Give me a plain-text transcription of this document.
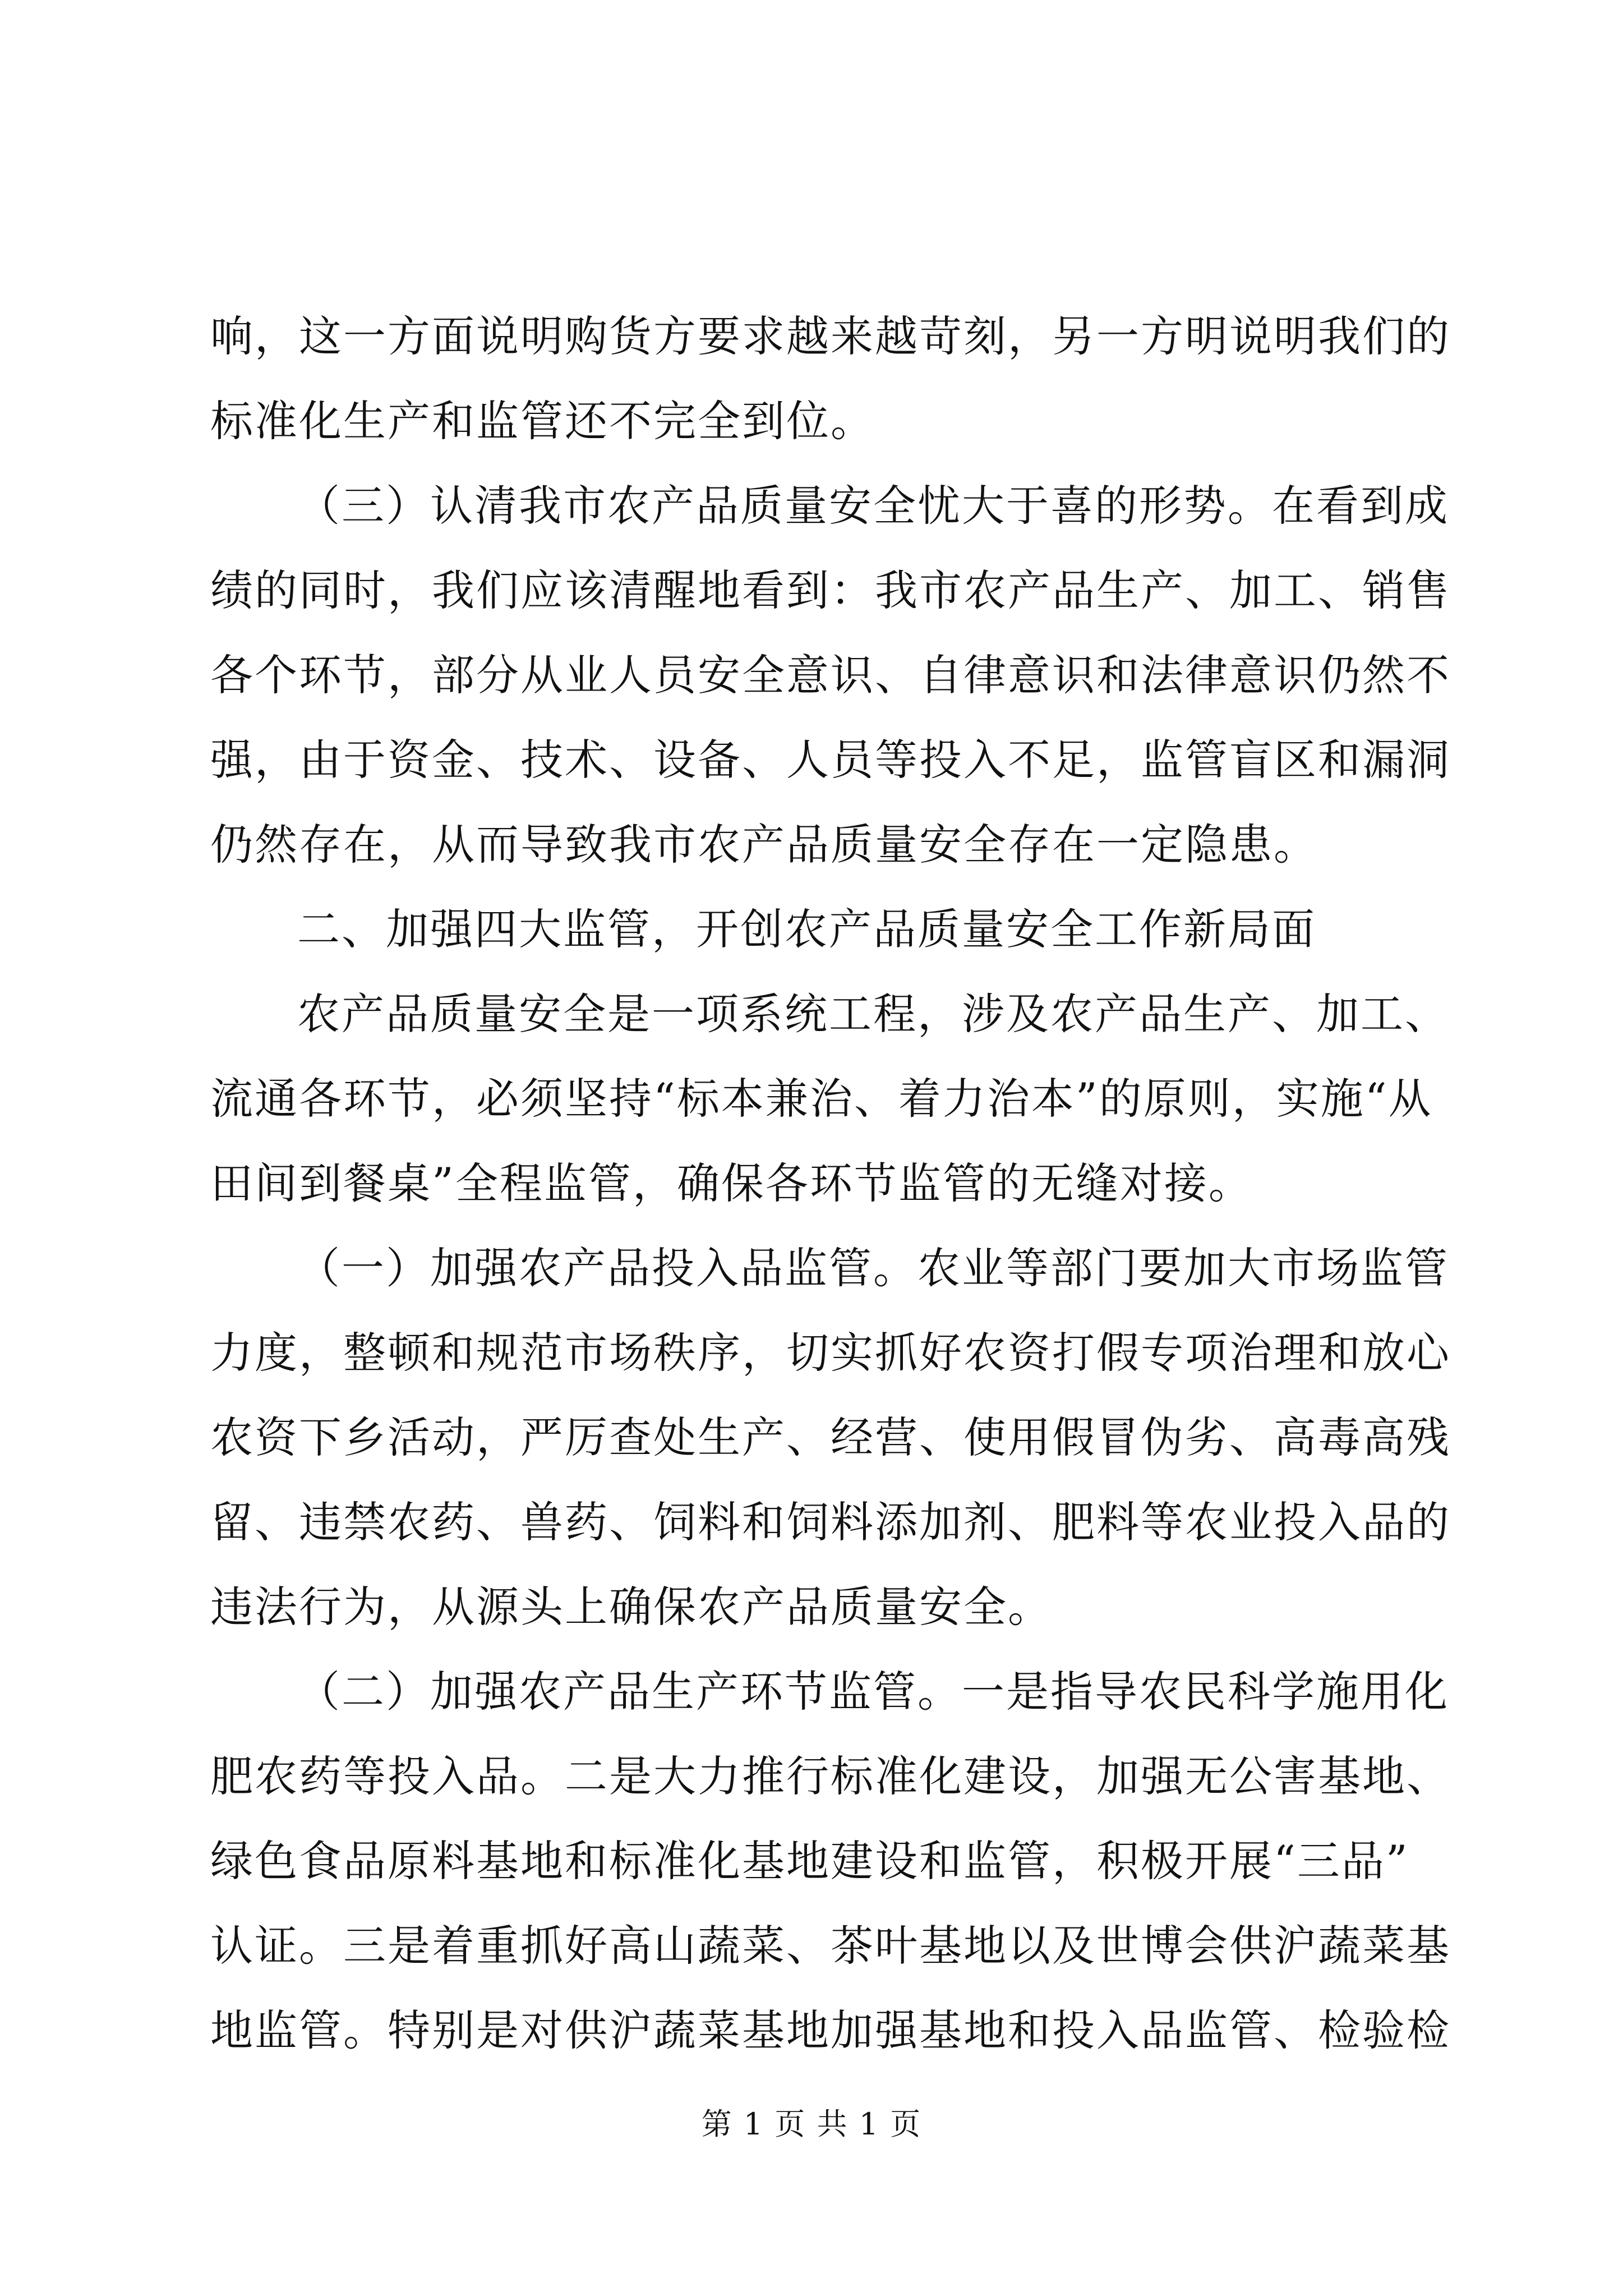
响，这一方面说明购货方要求越来越苛刻，另一方明说明我们的
标准化生产和监管还不完全到位。
（三）认清我市农产品质量安全忧大于喜的形势。在看到成
绩的同时，我们应该清醒地看到：我市农产品生产、加工、销售
各个环节，部分从业人员安全意识、自律意识和法律意识仍然不
强，由于资金、技术、设备、人员等投入不足，监管盲区和漏洞
仍然存在，从而导致我市农产品质量安全存在一定隐患。
二、加强四大监管，开创农产品质量安全工作新局面
农产品质量安全是一项系统工程，涉及农产品生产、加工、
流通各环节，必须坚持“标本兼治、着力治本”的原则，实施“从
田间到餐桌”全程监管，确保各环节监管的无缝对接。
（一）加强农产品投入品监管。农业等部门要加大市场监管
力度，整顿和规范市场秩序，切实抓好农资打假专项治理和放心
农资下乡活动，严厉查处生产、经营、使用假冒伪劣、高毒高残
留、违禁农药、兽药、饲料和饲料添加剂、肥料等农业投入品的
违法行为，从源头上确保农产品质量安全。
（二）加强农产品生产环节监管。一是指导农民科学施用化
肥农药等投入品。二是大力推行标准化建设，加强无公害基地、
绿色食品原料基地和标准化基地建设和监管，积极开展“三品”
认证。三是着重抓好高山蔬菜、茶叶基地以及世博会供沪蔬菜基
地监管。特别是对供沪蔬菜基地加强基地和投入品监管、检验检
第 1 页 共 1 页
